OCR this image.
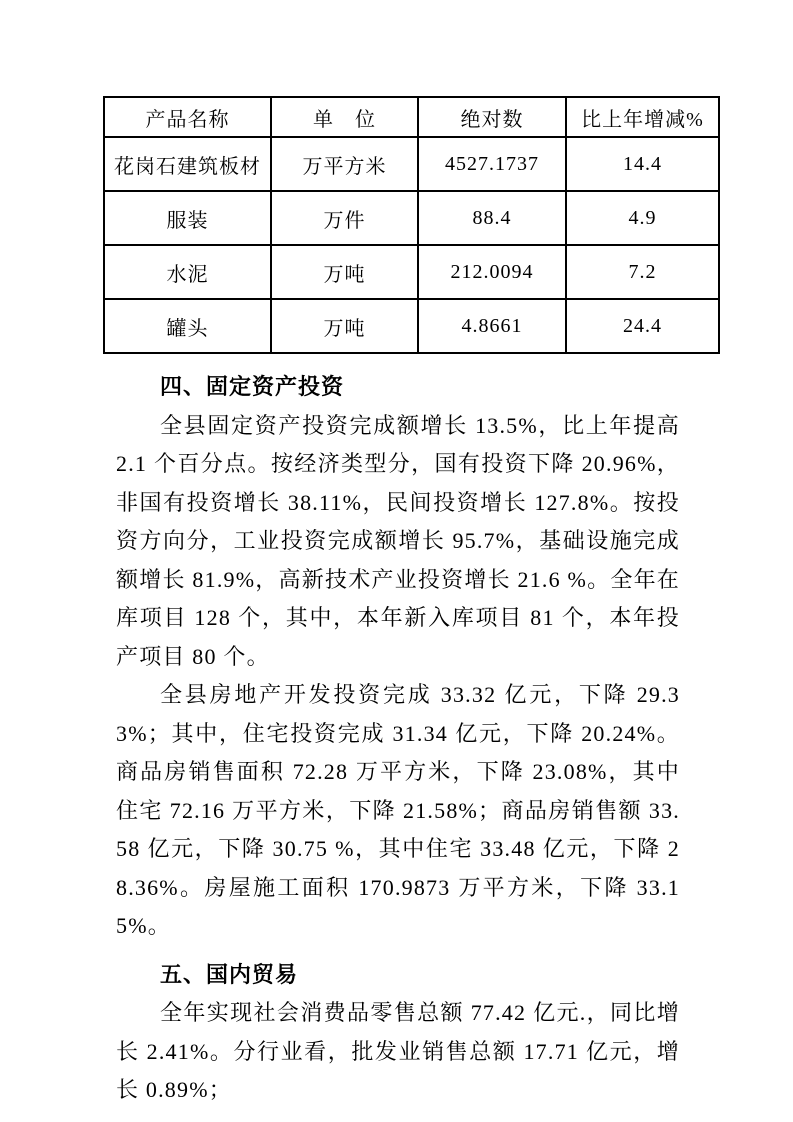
产品名称	单　位	绝对数	比上年增减%
花岗石建筑板材	万平方米	4527.1737	14.4
服装	万件	88.4	4.9
水泥	万吨	212.0094	7.2
罐头	万吨	4.8661	24.4
四、固定资产投资

全县固定资产投资完成额增长 13.5%，比上年提高 2.1 个百分点。按经济类型分，国有投资下降 20.96%，非国有投资增长 38.11%，民间投资增长 127.8%。按投资方向分，工业投资完成额增长 95.7%，基础设施完成额增长 81.9%，高新技术产业投资增长 21.6 %。全年在库项目 128 个，其中，本年新入库项目 81 个，本年投产项目 80 个。

全县房地产开发投资完成 33.32 亿元，下降 29.33%；其中，住宅投资完成 31.34 亿元，下降 20.24%。商品房销售面积 72.28 万平方米，下降 23.08%，其中住宅 72.16 万平方米，下降 21.58%；商品房销售额 33.58 亿元，下降 30.75 %，其中住宅 33.48 亿元，下降 28.36%。房屋施工面积 170.9873 万平方米，下降 33.15%。

五、国内贸易

全年实现社会消费品零售总额 77.42 亿元.，同比增长 2.41%。分行业看，批发业销售总额 17.71 亿元，增长 0.89%；
